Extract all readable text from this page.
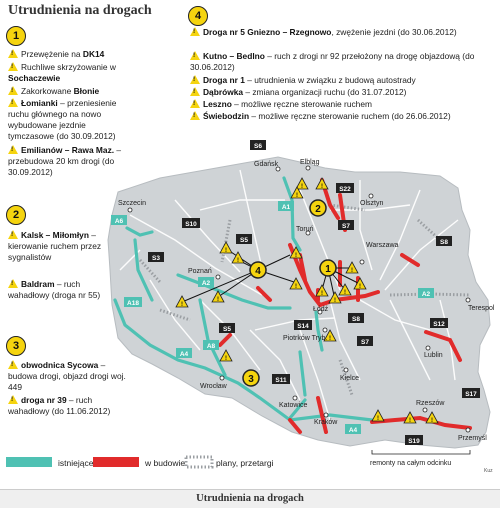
Utrudnienia na drogach
S6
S22
A1
S7
A6	S10
S3
S5	S8
A2
A18
S14
S5
S8
A4
A8
S11
S7
S12
S17
A4
S19
A2
!	!
!
!
!
!
!
!
!
!
!
!
!
!
!
!
!	!	!
Gdańsk	Elbląg
Olsztyn
Szczecin
Toruń
Warszawa
Poznań
Łódź
Piotrków Tryb.
Terespol
Lublin
Kielce
Wrocław
Katowice
Kraków
Rzeszów
Przemyśl
1
2
3
4
remonty na całym odcinku
Kuz
1
!Przewężenie na DK14
!Ruchliwe skrzyżowanie w Sochaczewie
!Zakorkowane Błonie
!Łomianki – przeniesienie ruchu głównego na nowo wybudowane jezdnie tymczasowe (do 30.09.2012)
!Emilianów – Rawa Maz. – przebudowa 20 km drogi (do 30.09.2012)
2
!Kalsk – Miłomłyn – kierowanie ruchem przez sygnalistów
!Baldram – ruch wahadłowy (droga nr 55)
3
!obwodnica Sycowa – budowa drogi, objazd drogi woj. 449
!droga nr 39 – ruch wahadłowy (do 11.06.2012)
4
!Droga nr 5 Gniezno – Rzegnowo, zwężenie jezdni (do 30.06.2012)
!Kutno – Bedlno – ruch z drogi nr 92 przełożony na drogę objazdową (do 30.06.2012)
!Droga nr 1 – utrudnienia w związku z budową autostrady
!Dąbrówka – zmiana organizacji ruchu (do 31.07.2012)
!Leszno – możliwe ręczne sterowanie ruchem
!Świebodzin – możliwe ręczne sterowanie ruchem (do 26.06.2012)
istniejące	w budowie	plany, przetargi
Utrudnienia na drogach
